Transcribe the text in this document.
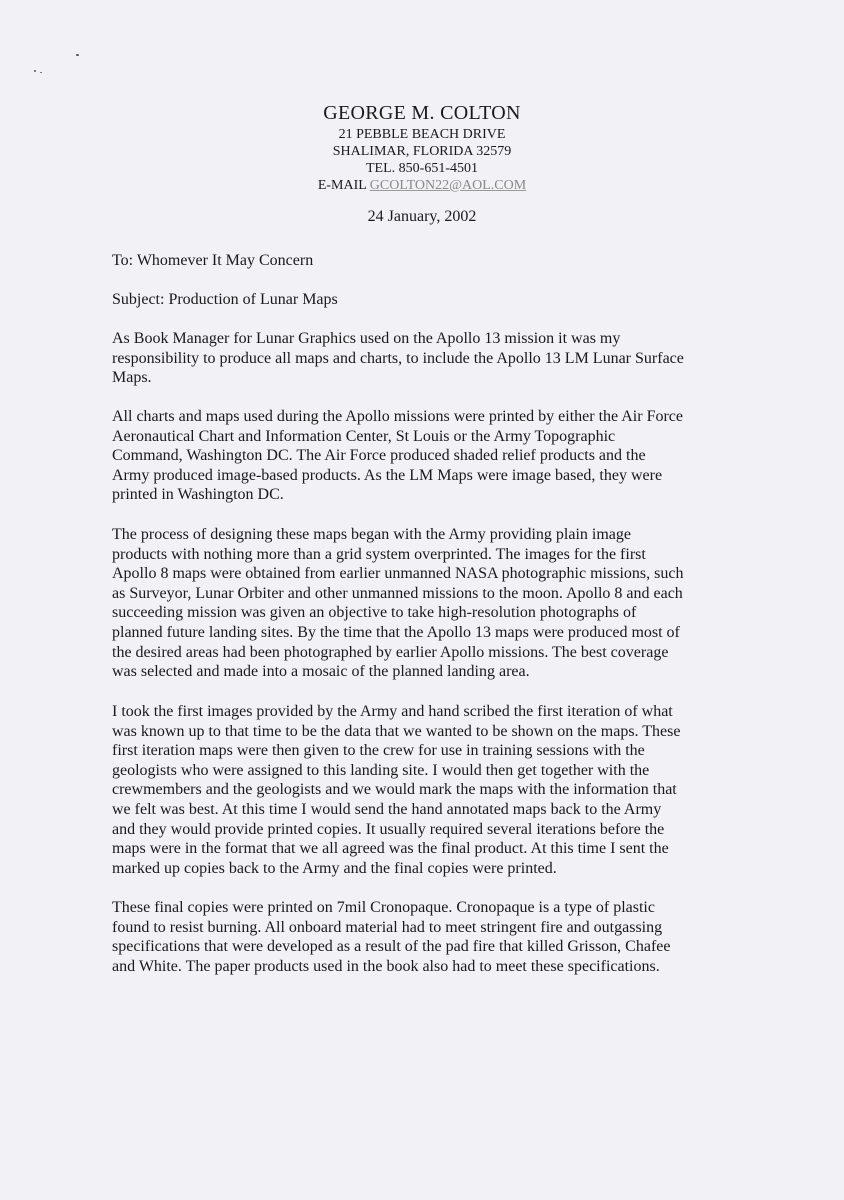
GEORGE M. COLTON
21 PEBBLE BEACH DRIVE
SHALIMAR, FLORIDA 32579
TEL. 850-651-4501
E-MAIL GCOLTON22@AOL.COM
24 January, 2002
To: Whomever It May Concern
Subject: Production of Lunar Maps
As Book Manager for Lunar Graphics used on the Apollo 13 mission it was my
responsibility to produce all maps and charts, to include the Apollo 13 LM Lunar Surface
Maps.
All charts and maps used during the Apollo missions were printed by either the Air Force
Aeronautical Chart and Information Center, St Louis or the Army Topographic
Command, Washington DC. The Air Force produced shaded relief products and the
Army produced image-based products. As the LM Maps were image based, they were
printed in Washington DC.
The process of designing these maps began with the Army providing plain image
products with nothing more than a grid system overprinted. The images for the first
Apollo 8 maps were obtained from earlier unmanned NASA photographic missions, such
as Surveyor, Lunar Orbiter and other unmanned missions to the moon. Apollo 8 and each
succeeding mission was given an objective to take high-resolution photographs of
planned future landing sites. By the time that the Apollo 13 maps were produced most of
the desired areas had been photographed by earlier Apollo missions. The best coverage
was selected and made into a mosaic of the planned landing area.
I took the first images provided by the Army and hand scribed the first iteration of what
was known up to that time to be the data that we wanted to be shown on the maps. These
first iteration maps were then given to the crew for use in training sessions with the
geologists who were assigned to this landing site. I would then get together with the
crewmembers and the geologists and we would mark the maps with the information that
we felt was best. At this time I would send the hand annotated maps back to the Army
and they would provide printed copies. It usually required several iterations before the
maps were in the format that we all agreed was the final product. At this time I sent the
marked up copies back to the Army and the final copies were printed.
These final copies were printed on 7mil Cronopaque. Cronopaque is a type of plastic
found to resist burning. All onboard material had to meet stringent fire and outgassing
specifications that were developed as a result of the pad fire that killed Grisson, Chafee
and White. The paper products used in the book also had to meet these specifications.
